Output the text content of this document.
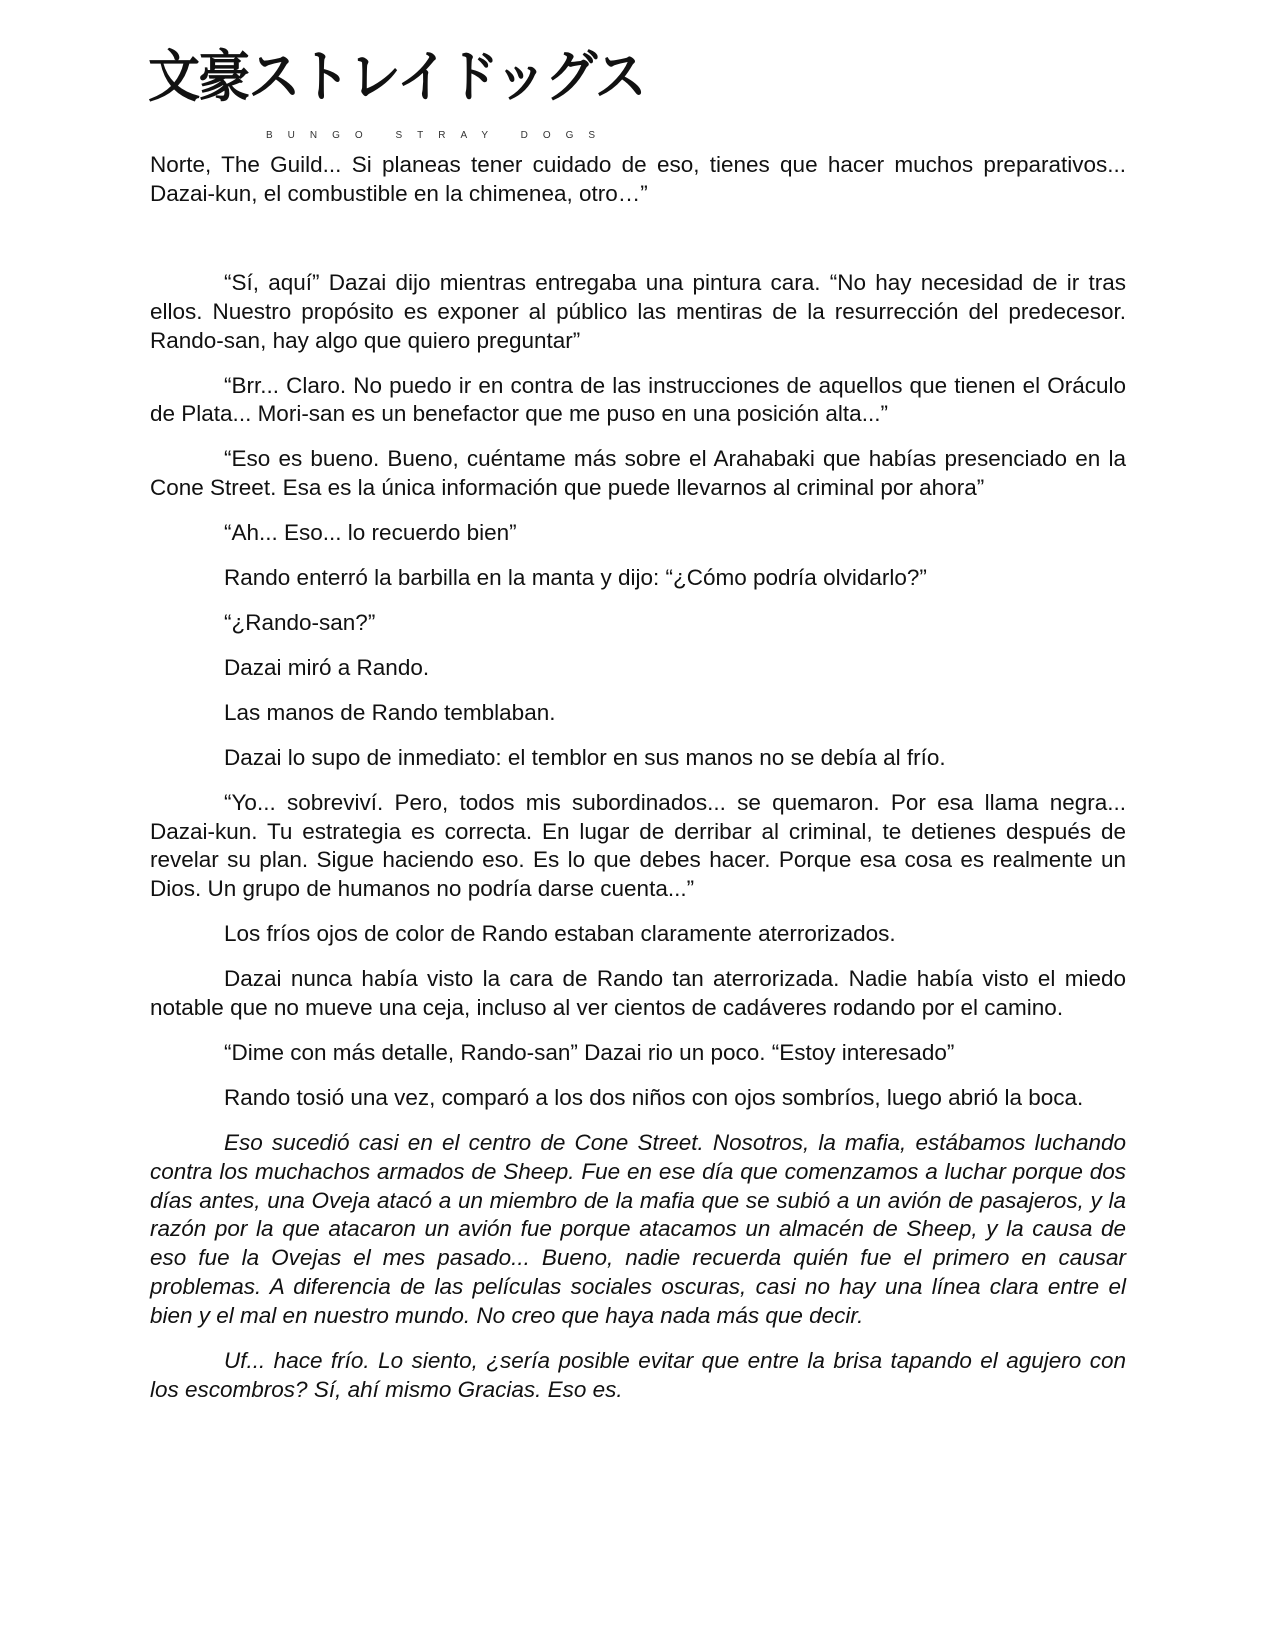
文豪ストレイドッグス
BUNGO STRAY DOGS

Norte, The Guild... Si planeas tener cuidado de eso, tienes que hacer muchos preparativos... Dazai-kun, el combustible en la chimenea, otro…”

“Sí, aquí” Dazai dijo mientras entregaba una pintura cara. “No hay necesidad de ir tras ellos. Nuestro propósito es exponer al público las mentiras de la resurrección del predecesor. Rando-san, hay algo que quiero preguntar”

“Brr... Claro. No puedo ir en contra de las instrucciones de aquellos que tienen el Oráculo de Plata... Mori-san es un benefactor que me puso en una posición alta...”

“Eso es bueno. Bueno, cuéntame más sobre el Arahabaki que habías presenciado en la Cone Street. Esa es la única información que puede llevarnos al criminal por ahora”

“Ah... Eso... lo recuerdo bien”

Rando enterró la barbilla en la manta y dijo: “¿Cómo podría olvidarlo?”

“¿Rando-san?”

Dazai miró a Rando.

Las manos de Rando temblaban.

Dazai lo supo de inmediato: el temblor en sus manos no se debía al frío.

“Yo... sobreviví. Pero, todos mis subordinados... se quemaron. Por esa llama negra... Dazai-kun. Tu estrategia es correcta. En lugar de derribar al criminal, te detienes después de revelar su plan. Sigue haciendo eso. Es lo que debes hacer. Porque esa cosa es realmente un Dios. Un grupo de humanos no podría darse cuenta...”

Los fríos ojos de color de Rando estaban claramente aterrorizados.

Dazai nunca había visto la cara de Rando tan aterrorizada. Nadie había visto el miedo notable que no mueve una ceja, incluso al ver cientos de cadáveres rodando por el camino.

“Dime con más detalle, Rando-san” Dazai rio un poco. “Estoy interesado”

Rando tosió una vez, comparó a los dos niños con ojos sombríos, luego abrió la boca.

Eso sucedió casi en el centro de Cone Street. Nosotros, la mafia, estábamos luchando contra los muchachos armados de Sheep. Fue en ese día que comenzamos a luchar porque dos días antes, una Oveja atacó a un miembro de la mafia que se subió a un avión de pasajeros, y la razón por la que atacaron un avión fue porque atacamos un almacén de Sheep, y la causa de eso fue la Ovejas el mes pasado... Bueno, nadie recuerda quién fue el primero en causar problemas. A diferencia de las películas sociales oscuras, casi no hay una línea clara entre el bien y el mal en nuestro mundo. No creo que haya nada más que decir.

Uf... hace frío. Lo siento, ¿sería posible evitar que entre la brisa tapando el agujero con los escombros? Sí, ahí mismo Gracias. Eso es.
